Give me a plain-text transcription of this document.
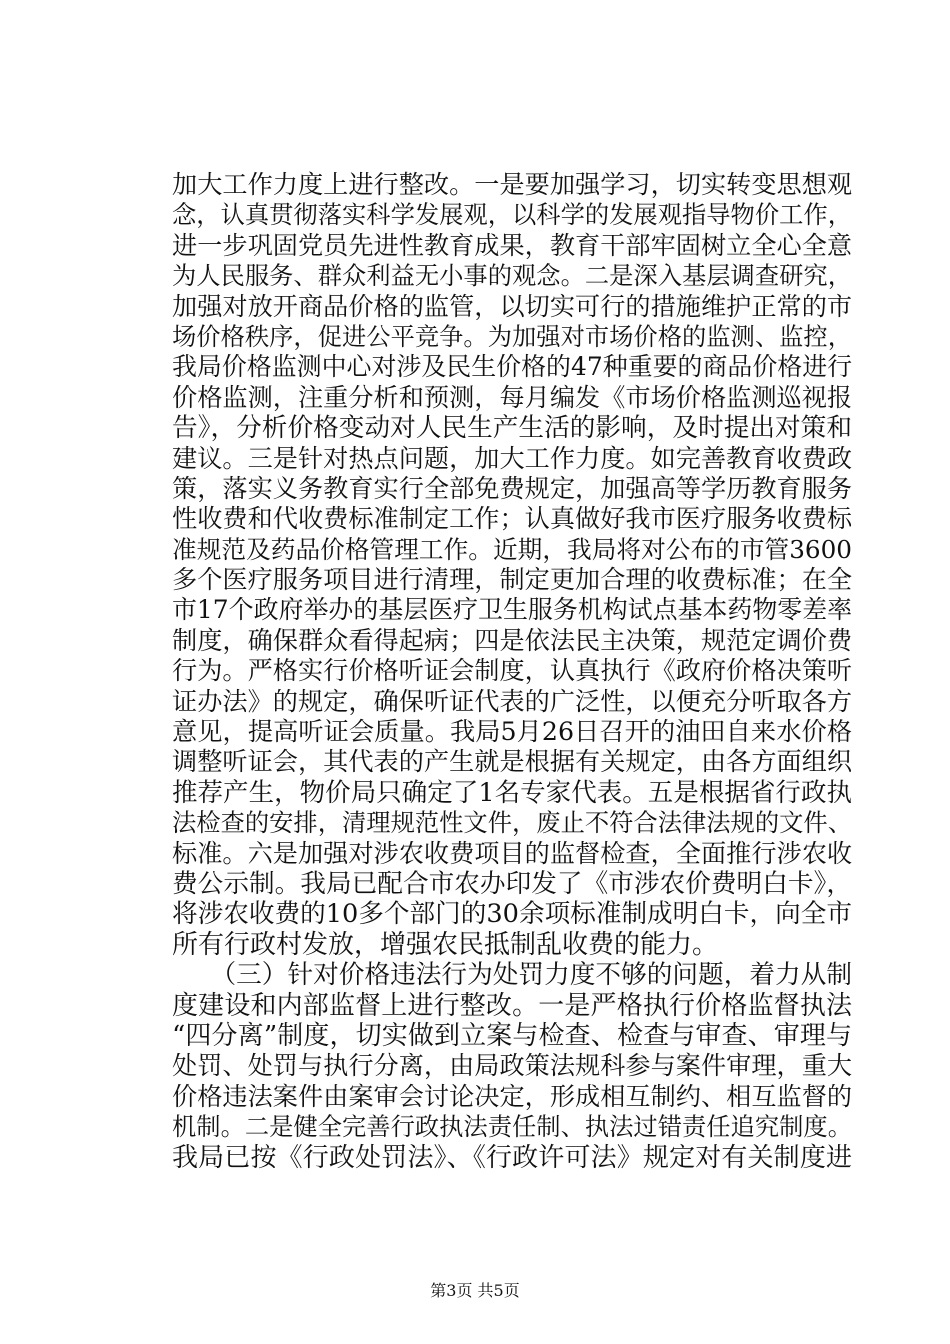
加大工作力度上进行整改。一是要加强学习，切实转变思想观
念，认真贯彻落实科学发展观，以科学的发展观指导物价工作，
进一步巩固党员先进性教育成果，教育干部牢固树立全心全意
为人民服务、群众利益无小事的观念。二是深入基层调查研究，
加强对放开商品价格的监管，以切实可行的措施维护正常的市
场价格秩序，促进公平竞争。为加强对市场价格的监测、监控，
我局价格监测中心对涉及民生价格的47种重要的商品价格进行
价格监测，注重分析和预测，每月编发《市场价格监测巡视报
告》，分析价格变动对人民生产生活的影响，及时提出对策和
建议。三是针对热点问题，加大工作力度。如完善教育收费政
策，落实义务教育实行全部免费规定，加强高等学历教育服务
性收费和代收费标准制定工作；认真做好我市医疗服务收费标
准规范及药品价格管理工作。近期，我局将对公布的市管3600
多个医疗服务项目进行清理，制定更加合理的收费标准；在全
市17个政府举办的基层医疗卫生服务机构试点基本药物零差率
制度，确保群众看得起病；四是依法民主决策，规范定调价费
行为。严格实行价格听证会制度，认真执行《政府价格决策听
证办法》的规定，确保听证代表的广泛性，以便充分听取各方
意见，提高听证会质量。我局5月26日召开的油田自来水价格
调整听证会，其代表的产生就是根据有关规定，由各方面组织
推荐产生，物价局只确定了1名专家代表。五是根据省行政执
法检查的安排，清理规范性文件，废止不符合法律法规的文件、
标准。六是加强对涉农收费项目的监督检查，全面推行涉农收
费公示制。我局已配合市农办印发了《市涉农价费明白卡》，
将涉农收费的10多个部门的30余项标准制成明白卡，向全市
所有行政村发放，增强农民抵制乱收费的能力。
　　（三）针对价格违法行为处罚力度不够的问题，着力从制
度建设和内部监督上进行整改。一是严格执行价格监督执法
“四分离”制度，切实做到立案与检查、检查与审查、审理与
处罚、处罚与执行分离，由局政策法规科参与案件审理，重大
价格违法案件由案审会讨论决定，形成相互制约、相互监督的
机制。二是健全完善行政执法责任制、执法过错责任追究制度。
我局已按《行政处罚法》、《行政许可法》规定对有关制度进
第3页 共5页
